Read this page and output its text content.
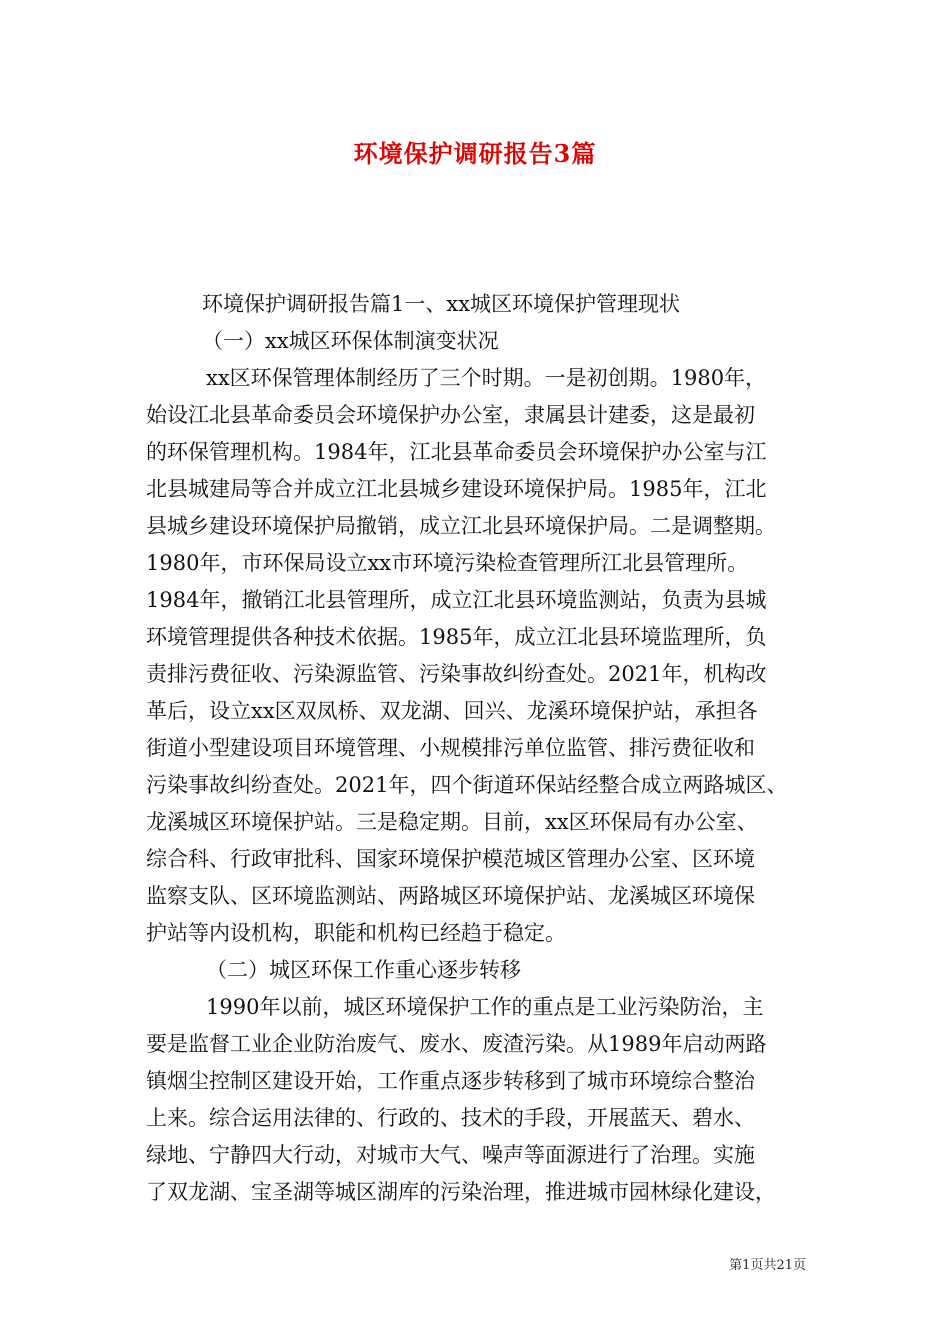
环境保护调研报告3篇
环境保护调研报告篇1一、xx城区环境保护管理现状
（一）xx城区环保体制演变状况
xx区环保管理体制经历了三个时期。一是初创期。1980年，
始设江北县革命委员会环境保护办公室，隶属县计建委，这是最初
的环保管理机构。1984年，江北县革命委员会环境保护办公室与江
北县城建局等合并成立江北县城乡建设环境保护局。1985年，江北
县城乡建设环境保护局撤销，成立江北县环境保护局。二是调整期。
1980年，市环保局设立xx市环境污染检查管理所江北县管理所。
1984年，撤销江北县管理所，成立江北县环境监测站，负责为县城
环境管理提供各种技术依据。1985年，成立江北县环境监理所，负
责排污费征收、污染源监管、污染事故纠纷查处。2021年，机构改
革后，设立xx区双凤桥、双龙湖、回兴、龙溪环境保护站，承担各
街道小型建设项目环境管理、小规模排污单位监管、排污费征收和
污染事故纠纷查处。2021年，四个街道环保站经整合成立两路城区、
龙溪城区环境保护站。三是稳定期。目前，xx区环保局有办公室、
综合科、行政审批科、国家环境保护模范城区管理办公室、区环境
监察支队、区环境监测站、两路城区环境保护站、龙溪城区环境保
护站等内设机构，职能和机构已经趋于稳定。
（二）城区环保工作重心逐步转移
1990年以前，城区环境保护工作的重点是工业污染防治，主
要是监督工业企业防治废气、废水、废渣污染。从1989年启动两路
镇烟尘控制区建设开始，工作重点逐步转移到了城市环境综合整治
上来。综合运用法律的、行政的、技术的手段，开展蓝天、碧水、
绿地、宁静四大行动，对城市大气、噪声等面源进行了治理。实施
了双龙湖、宝圣湖等城区湖库的污染治理，推进城市园林绿化建设，
第1页共21页
